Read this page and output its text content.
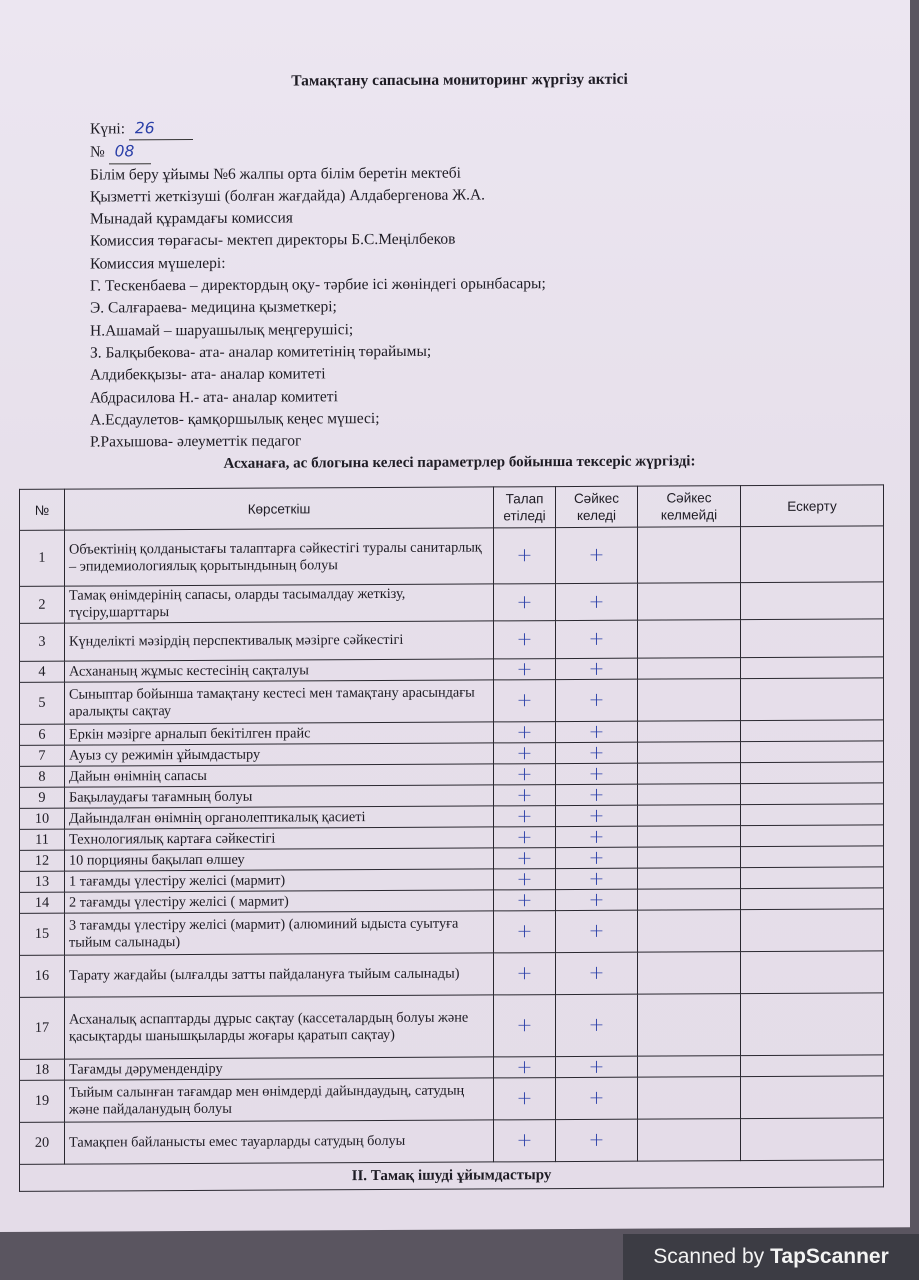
Тамақтану сапасына мониторинг жүргізу актісі
Күні: 26
№ 08
Білім беру ұйымы №6 жалпы орта білім беретін мектебі
Қызметті жеткізуші (болған жағдайда) Алдабергенова Ж.А.
Мынадай құрамдағы комиссия
Комиссия төрағасы- мектеп директоры Б.С.Меңілбеков
Комиссия мүшелері:
Г. Тескенбаева – директордың оқу- тәрбие ісі жөніндегі орынбасары;
Э. Салғараева- медицина қызметкері;
Н.Ашамай – шаруашылық меңгерушісі;
З. Балқыбекова- ата- аналар комитетінің төрайымы;
Алдибекқызы- ата- аналар комитеті
Абдрасилова Н.- ата- аналар комитеті
А.Есдаулетов- қамқоршылық кеңес мүшесі;
Р.Рахышова- әлеуметтік педагог
Асханаға, ас блогына келесі параметрлер бойынша тексеріс жүргізді:
№	Көрсеткіш	Талап етіледі	Сәйкес келеді	Сәйкес келмейді	Ескерту
1	Объектінің қолданыстағы талаптарға сәйкестігі туралы санитарлық – эпидемиологиялық қорытындының болуы	+	+		
2	Тамақ өнімдерінің сапасы, оларды тасымалдау жеткізу, түсіру,шарттары	+	+		
3	Күнделікті мәзірдің перспективалық мәзірге сәйкестігі	+	+		
4	Асхананың жұмыс кестесінің сақталуы	+	+		
5	Сыныптар бойынша тамақтану кестесі мен тамақтану арасындағы аралықты сақтау	+	+		
6	Еркін мәзірге арналып бекітілген прайс	+	+		
7	Ауыз су режимін ұйымдастыру	+	+		
8	Дайын өнімнің сапасы	+	+		
9	Бақылаудағы тағамның болуы	+	+		
10	Дайындалған өнімнің органолептикалық қасиеті	+	+		
11	Технологиялық картаға сәйкестігі	+	+		
12	10 порцияны бақылап өлшеу	+	+		
13	1 тағамды үлестіру желісі (мармит)	+	+		
14	2 тағамды үлестіру желісі ( мармит)	+	+		
15	3 тағамды үлестіру желісі (мармит) (алюминий ыдыста суытуға тыйым салынады)	+	+		
16	Тарату жағдайы (ылғалды затты пайдалануға тыйым салынады)	+	+		
17	Асханалық аспаптарды дұрыс сақтау (кассеталардың болуы және қасықтарды шанышқыларды жоғары қаратып сақтау)	+	+		
18	Тағамды дәрумендендіру	+	+		
19	Тыйым салынған тағамдар мен өнімдерді дайындаудың, сатудың және пайдаланудың болуы	+	+		
20	Тамақпен байланысты емес тауарларды сатудың болуы	+	+		
II. Тамақ ішуді ұйымдастыру					
Scanned by TapScanner
